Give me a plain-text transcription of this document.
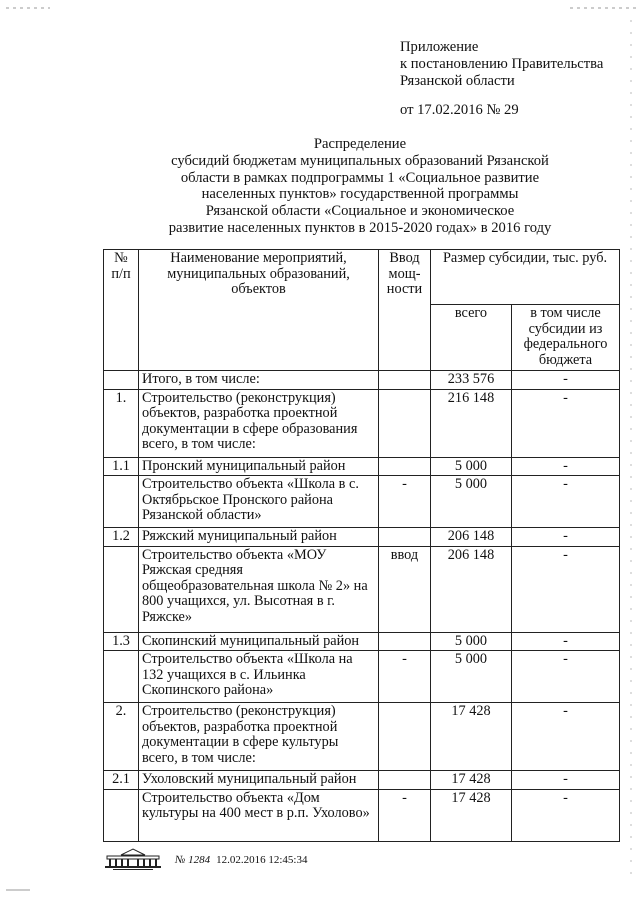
Приложение
к постановлению Правительства
Рязанской области
от 17.02.2016 № 29
Распределение
субсидий бюджетам муниципальных образований Рязанской
области в рамках подпрограммы 1 «Социальное развитие
населенных пунктов» государственной программы
Рязанской области «Социальное и экономическое
развитие населенных пунктов в 2015-2020 годах» в 2016 году
№ п/п	Наименование мероприятий, муниципальных образований, объектов	Ввод мощ-ности	Размер субсидии, тыс. руб.	
			всего	в том числе субсидии из федерального бюджета
	Итого, в том числе:		233 576	-
1.	Строительство (реконструкция) объектов, разработка проектной документации в сфере образования всего, в том числе:		216 148	-
1.1	Пронский муниципальный район		5 000	-
	Строительство объекта «Школа в с. Октябрьское Пронского района Рязанской области»	-	5 000	-
1.2	Ряжский муниципальный район		206 148	-
	Строительство объекта «МОУ Ряжская средняя общеобразовательная школа № 2» на 800 учащихся, ул. Высотная в г. Ряжске»	ввод	206 148	-
1.3	Скопинский муниципальный район		5 000	-
	Строительство объекта «Школа на 132 учащихся в с. Ильинка Скопинского района»	-	5 000	-
2.	Строительство (реконструкция) объектов, разработка проектной документации в сфере культуры всего, в том числе:		17 428	-
2.1	Ухоловский муниципальный район		17 428	-
	Строительство объекта «Дом культуры на 400 мест в р.п. Ухолово»	-	17 428	-
№ 1284 12.02.2016 12:45:34
